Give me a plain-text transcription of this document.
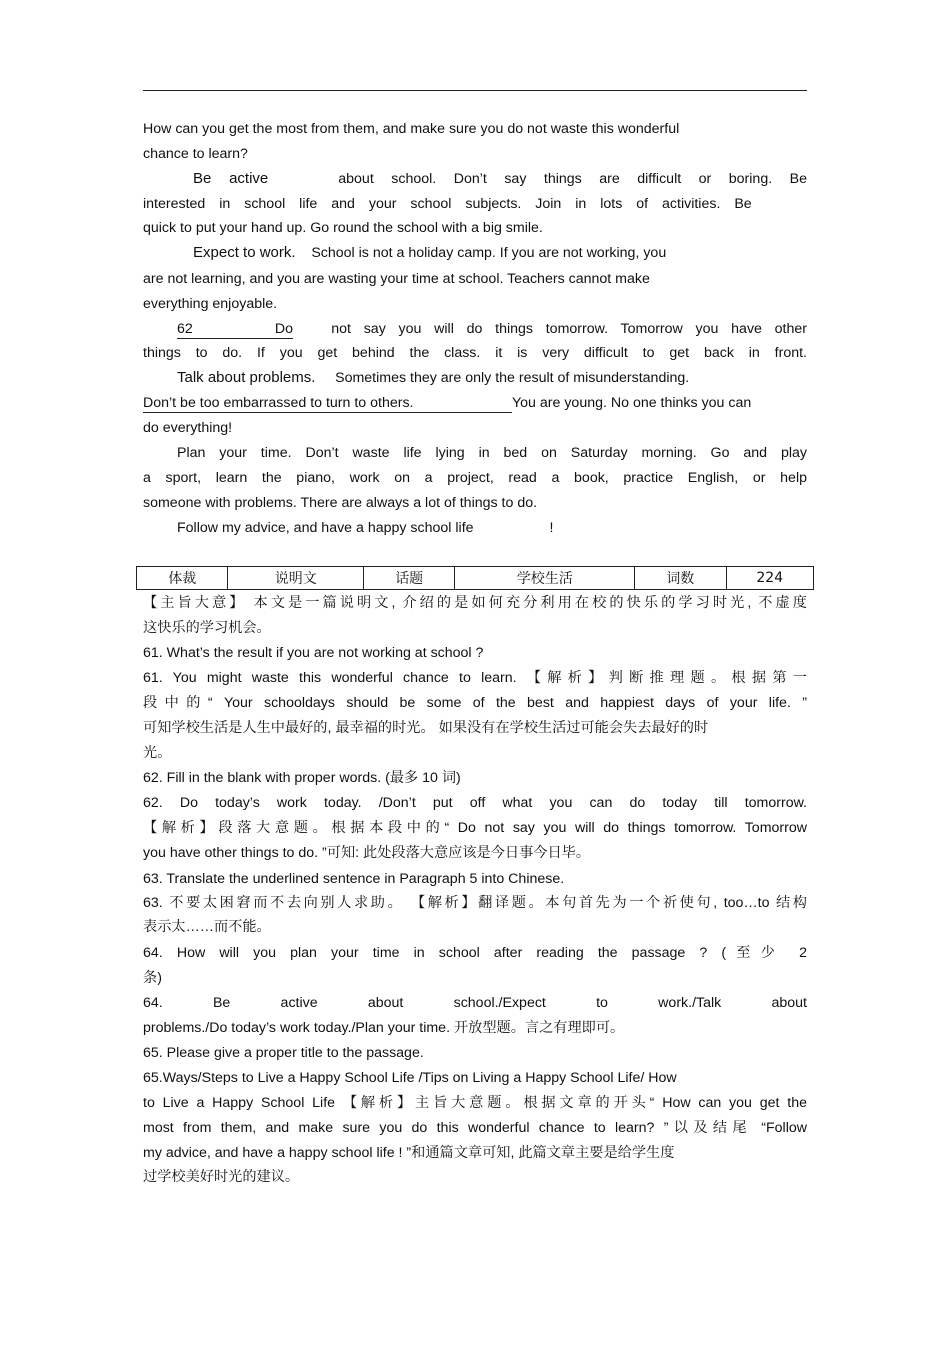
How can you get the most from them, and make sure you do not waste this wonderful
chance to learn?
Be active	about school. Don’t say things are difficult or boring. Be
interested in school life and your school subjects. Join in lots of activities. Be
quick to put your hand up. Go round the school with a big smile.
Expect to work. School is not a holiday camp. If you are not working, you
are not learning, and you are wasting your time at school. Teachers cannot make
everything enjoyable.
62 Do	not say you will do things tomorrow. Tomorrow you have other
things to do. If you get behind the class. it is very difficult to get back in front.
Talk about problems. Sometimes they are only the result of misunderstanding.
Don’t be too embarrassed to turn to others.	You are young. No one thinks you can
do everything!
Plan your time. Don’t waste life lying in bed on Saturday morning. Go and play
a sport, learn the piano, work on a project, read a book, practice English, or help
someone with problems. There are always a lot of things to do.
Follow my advice, and have a happy school life	!
体裁	说明文	话题	学校生活	词数	224
【主旨大意】 本文是一篇说明文, 介绍的是如何充分利用在校的快乐的学习时光, 不虚度
这快乐的学习机会。
61. What’s the result if you are not working at school ?
61. You might waste this wonderful chance to learn. 【解析】判断推理题。根据第一
段中的“ Your schooldays should be some of the best and happiest days of your life. ”
可知学校生活是人生中最好的, 最幸福的时光。 如果没有在学校生活过可能会失去最好的时
光。
62. Fill in the blank with proper words. (最多 10 词)
62. Do today’s work today. /Don’t put off what you can do today till tomorrow.
【解析】段落大意题。根据本段中的“ Do not say you will do things tomorrow. Tomorrow
you have other things to do. ”可知: 此处段落大意应该是今日事今日毕。
63. Translate the underlined sentence in Paragraph 5 into Chinese.
63. 不要太困窘而不去向别人求助。 【解析】翻译题。本句首先为一个祈使句, too…to 结构
表示太……而不能。
64. How will you plan your time in school after reading the passage ? (至少 2
条)
64. Be active about school./Expect to work./Talk about
problems./Do today’s work today./Plan your time. 开放型题。言之有理即可。
65. Please give a proper title to the passage.
65.Ways/Steps to Live a Happy School Life /Tips on Living a Happy School Life/ How
to Live a Happy School Life 【解析】主旨大意题。根据文章的开头“ How can you get the
most from them, and make sure you do this wonderful chance to learn? ”以及结尾 “Follow
my advice, and have a happy school life ! ”和通篇文章可知, 此篇文章主要是给学生度
过学校美好时光的建议。
